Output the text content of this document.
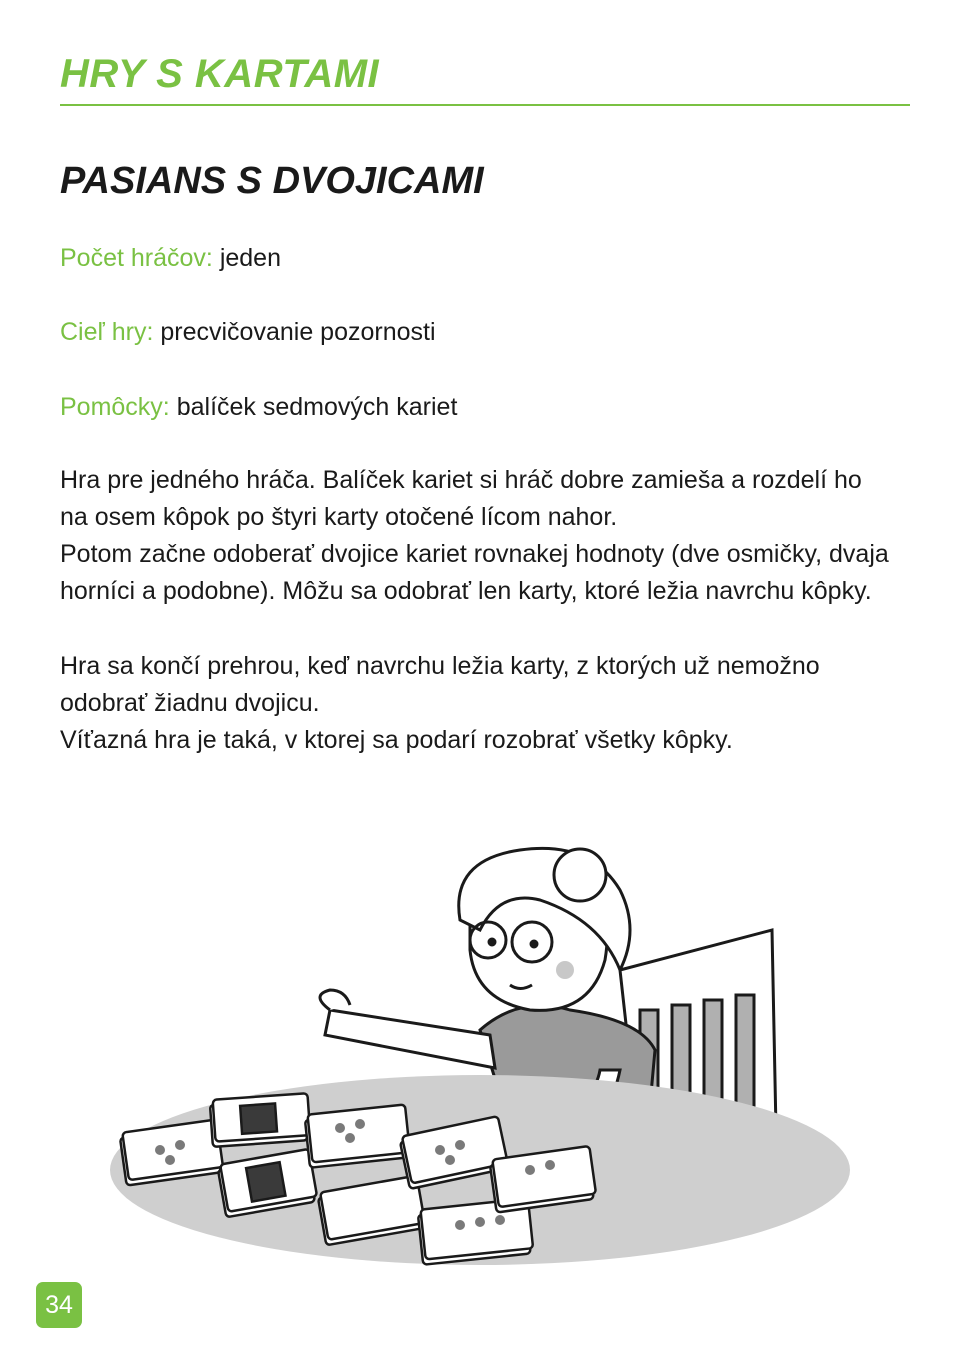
HRY S KARTAMI
PASIANS S DVOJICAMI

Počet hráčov: jeden

Cieľ hry: precvičovanie pozornosti

Pomôcky: balíček sedmových kariet

Hra pre jedného hráča. Balíček kariet si hráč dobre zamieša a rozdelí ho
na osem kôpok po štyri karty otočené lícom nahor.
Potom začne odoberať dvojice kariet rovnakej hodnoty (dve osmičky, dvaja
horníci a podobne). Môžu sa odobrať len karty, ktoré ležia navrchu kôpky.
Hra sa končí prehrou, keď navrchu ležia karty, z ktorých už nemožno
odobrať žiadnu dvojicu.
Víťazná hra je taká, v ktorej sa podarí rozobrať všetky kôpky.
34
